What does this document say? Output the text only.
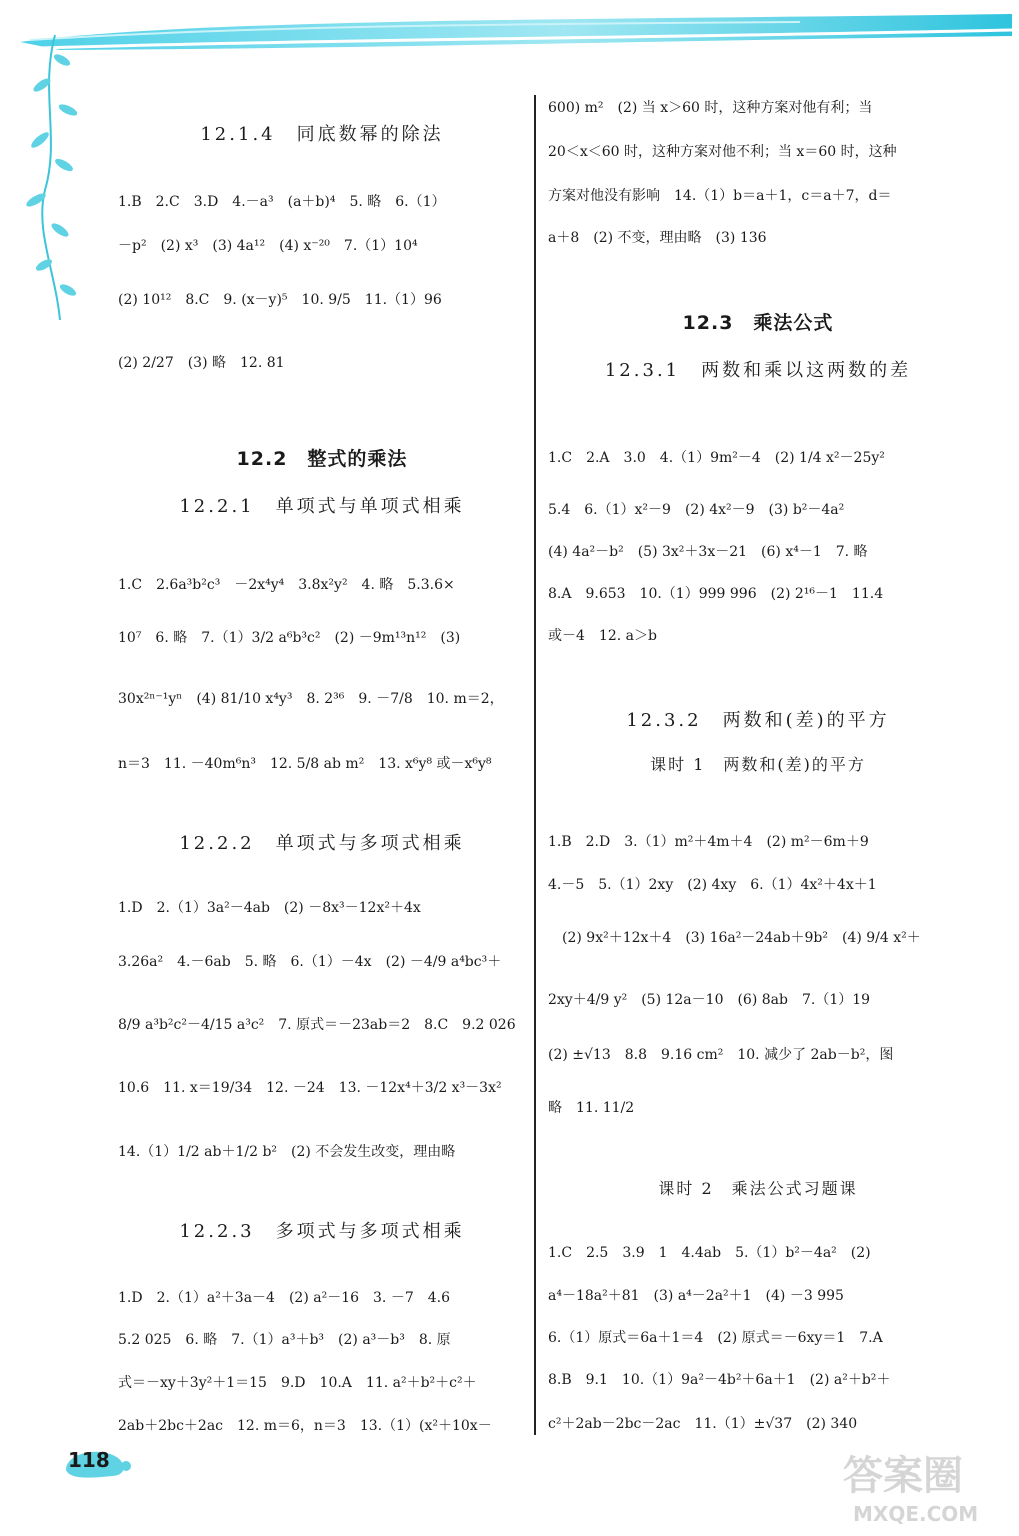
12.1.4　同底数幂的除法
1.B　2.C　3.D　4.－a³　(a＋b)⁴　5. 略　6.（1）
－p²　(2) x³　(3) 4a¹²　(4) x⁻²⁰　7.（1）10⁴
(2) 10¹²　8.C　9. (x－y)⁵　10. 9/5　11.（1）96
(2) 2/27　(3) 略　12. 81
12.2　整式的乘法
12.2.1　单项式与单项式相乘
1.C　2.6a³b²c³　－2x⁴y⁴　3.8x²y²　4. 略　5.3.6×
10⁷　6. 略　7.（1）3/2 a⁶b³c²　(2) －9m¹³n¹²　(3)
30x²ⁿ⁻¹yⁿ　(4) 81/10 x⁴y³　8. 2³⁶　9. －7/8　10. m＝2，
n＝3　11. －40m⁶n³　12. 5/8 ab m²　13. x⁶y⁸ 或－x⁶y⁸
12.2.2　单项式与多项式相乘
1.D　2.（1）3a²－4ab　(2) －8x³－12x²＋4x
3.26a²　4.－6ab　5. 略　6.（1）－4x　(2) －4/9 a⁴bc³＋
8/9 a³b²c²－4/15 a³c²　7. 原式＝－23ab＝2　8.C　9.2 026
10.6　11. x＝19/34　12. －24　13. －12x⁴＋3/2 x³－3x²
14.（1）1/2 ab＋1/2 b²　(2) 不会发生改变，理由略
12.2.3　多项式与多项式相乘
1.D　2.（1）a²＋3a－4　(2) a²－16　3. －7　4.6
5.2 025　6. 略　7.（1）a³＋b³　(2) a³－b³　8. 原
式＝－xy＋3y²＋1＝15　9.D　10.A　11. a²＋b²＋c²＋
2ab＋2bc＋2ac　12. m＝6，n＝3　13.（1）(x²＋10x－
600) m²　(2) 当 x＞60 时，这种方案对他有利；当
20＜x＜60 时，这种方案对他不利；当 x＝60 时，这种
方案对他没有影响　14.（1）b＝a＋1，c＝a＋7，d＝
a＋8　(2) 不变，理由略　(3) 136
12.3　乘法公式
12.3.1　两数和乘以这两数的差
1.C　2.A　3.0　4.（1）9m²－4　(2) 1/4 x²－25y²
5.4　6.（1）x²－9　(2) 4x²－9　(3) b²－4a²
(4) 4a²－b²　(5) 3x²＋3x－21　(6) x⁴－1　7. 略
8.A　9.653　10.（1）999 996　(2) 2¹⁶－1　11.4
或－4　12. a＞b
12.3.2　两数和(差)的平方
课时 1　两数和(差)的平方
1.B　2.D　3.（1）m²＋4m＋4　(2) m²－6m＋9
4.－5　5.（1）2xy　(2) 4xy　6.（1）4x²＋4x＋1
　(2) 9x²＋12x＋4　(3) 16a²－24ab＋9b²　(4) 9/4 x²＋
2xy＋4/9 y²　(5) 12a－10　(6) 8ab　7.（1）19
(2) ±√13　8.8　9.16 cm²　10. 减少了 2ab－b²，图
略　11. 11/2
课时 2　乘法公式习题课
1.C　2.5　3.9　1　4.4ab　5.（1）b²－4a²　(2)
a⁴－18a²＋81　(3) a⁴－2a²＋1　(4) －3 995
6.（1）原式＝6a＋1＝4　(2) 原式＝－6xy＝1　7.A
8.B　9.1　10.（1）9a²－4b²＋6a＋1　(2) a²＋b²＋
c²＋2ab－2bc－2ac　11.（1）±√37　(2) 340
118	答案圈
MXQE.COM
